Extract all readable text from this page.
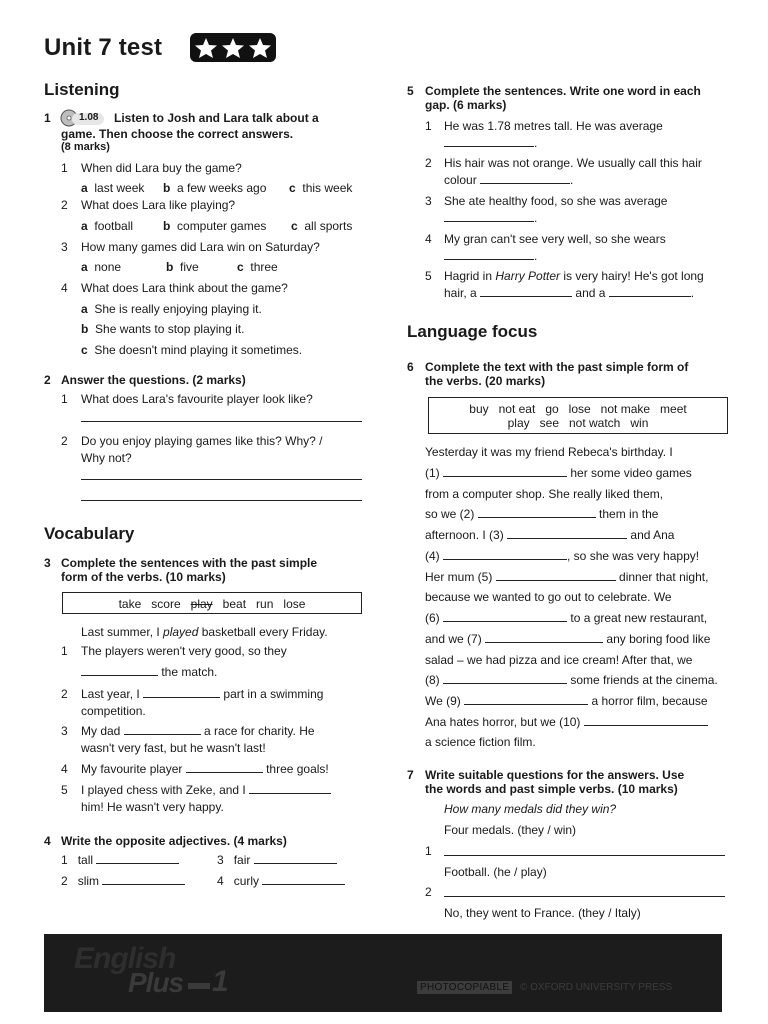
Unit 7 test
Listening
1	1.08 Listen to Josh and Lara talk about a
game. Then choose the correct answers.
(8 marks)
1 When did Lara buy the game?
a last week b a few weeks ago c this week
2 What does Lara like playing?
a football b computer games c all sports
3 How many games did Lara win on Saturday?
a none	b five	c three
4 What does Lara think about the game?
a She is really enjoying playing it.
b She wants to stop playing it.
c She doesn't mind playing it sometimes.
2 Answer the questions. (2 marks)
1 What does Lara's favourite player look like?
2 Do you enjoy playing games like this? Why? /
Why not?
Vocabulary
3 Complete the sentences with the past simple
form of the verbs. (10 marks)
take score play beat run lose
Last summer, I played basketball every Friday.
1 The players weren't very good, so they
the match.
2 Last year, I	part in a swimming
competition.
3 My dad	a race for charity. He
wasn't very fast, but he wasn't last!
4 My favourite player	three goals!
5 I played chess with Zeke, and I
him! He wasn't very happy.
4 Write the opposite adjectives. (4 marks)
1 tall	3 fair
2 slim	4 curly
5 Complete the sentences. Write one word in each
gap. (6 marks)
1 He was 1.78 metres tall. He was average
.
2 His hair was not orange. We usually call this hair
colour	.
3 She ate healthy food, so she was average
.
4 My gran can't see very well, so she wears
.
5 Hagrid in Harry Potter is very hairy! He's got long
hair, a	and a	.
Language focus
6 Complete the text with the past simple form of
the verbs. (20 marks)
buy   not eat   go   lose   not make   meet
play   see   not watch   win
Yesterday it was my friend Rebeca's birthday. I
(1)	her some video games
from a computer shop. She really liked them,
so we (2)	them in the
afternoon. I (3)	and Ana
(4)	, so she was very happy!
Her mum (5)	dinner that night,
because we wanted to go out to celebrate. We
(6)	to a great new restaurant,
and we (7)	any boring food like
salad – we had pizza and ice cream! After that, we
(8)	some friends at the cinema.
We (9)	a horror film, because
Ana hates horror, but we (10)
a science fiction film.
7 Write suitable questions for the answers. Use
the words and past simple verbs. (10 marks)
How many medals did they win?
Four medals. (they / win)
1
Football. (he / play)
2
No, they went to France. (they / Italy)
English
Plus 1	PHOTOCOPIABLE	© OXFORD UNIVERSITY PRESS
